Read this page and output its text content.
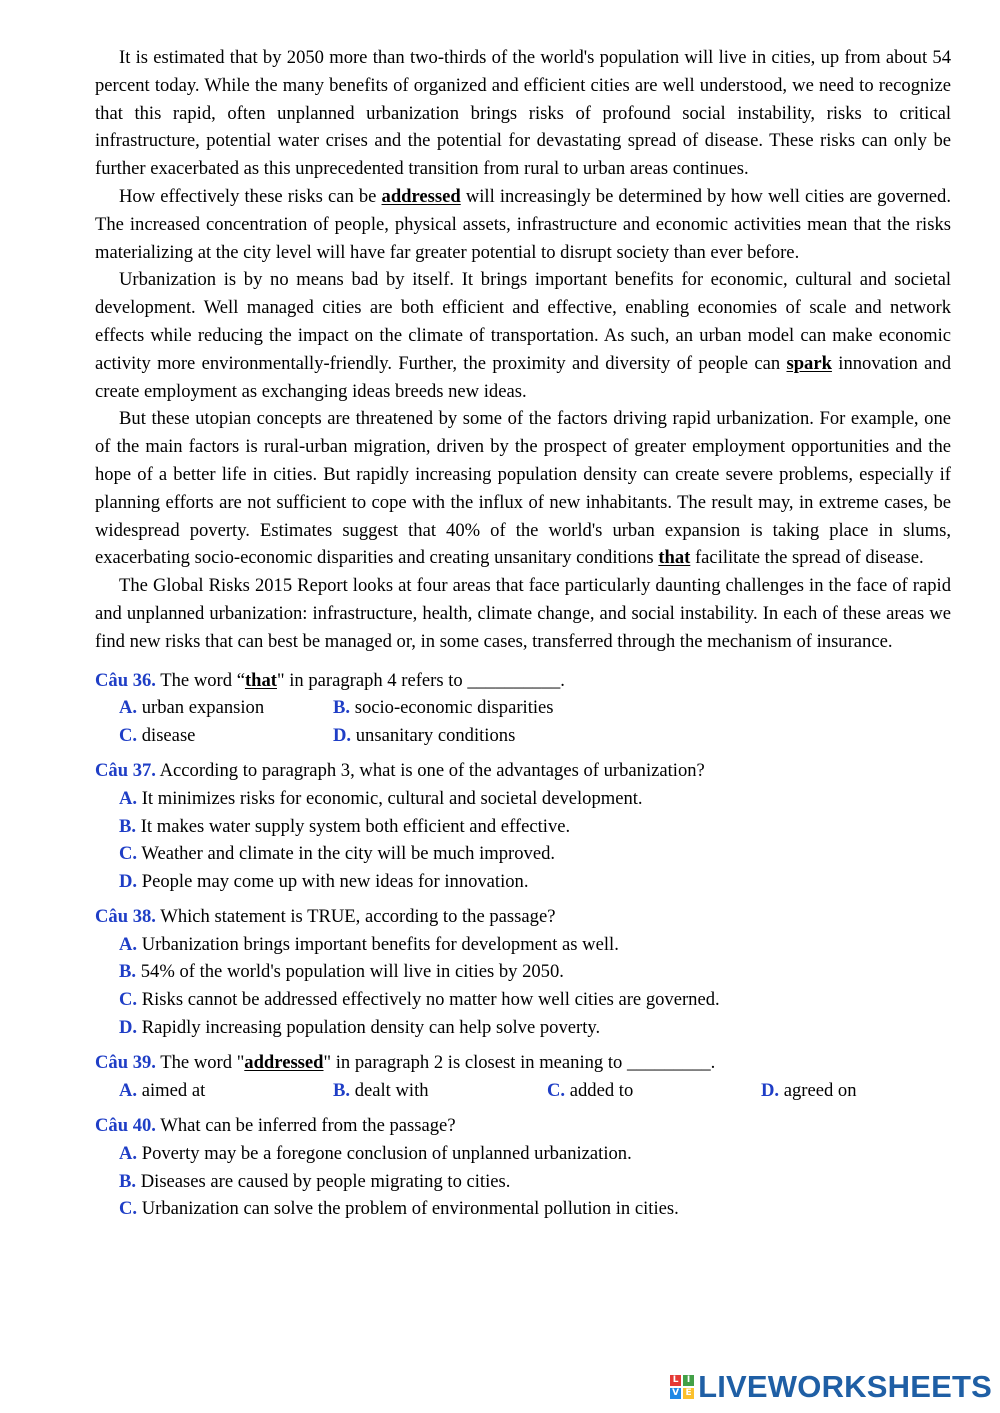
It is estimated that by 2050 more than two-thirds of the world's population will live in cities, up from about 54 percent today. While the many benefits of organized and efficient cities are well understood, we need to recognize that this rapid, often unplanned urbanization brings risks of profound social instability, risks to critical infrastructure, potential water crises and the potential for devastating spread of disease. These risks can only be further exacerbated as this unprecedented transition from rural to urban areas continues.

How effectively these risks can be addressed will increasingly be determined by how well cities are governed. The increased concentration of people, physical assets, infrastructure and economic activities mean that the risks materializing at the city level will have far greater potential to disrupt society than ever before.

Urbanization is by no means bad by itself. It brings important benefits for economic, cultural and societal development. Well managed cities are both efficient and effective, enabling economies of scale and network effects while reducing the impact on the climate of transportation. As such, an urban model can make economic activity more environmentally-friendly. Further, the proximity and diversity of people can spark innovation and create employment as exchanging ideas breeds new ideas.

But these utopian concepts are threatened by some of the factors driving rapid urbanization. For example, one of the main factors is rural-urban migration, driven by the prospect of greater employment opportunities and the hope of a better life in cities. But rapidly increasing population density can create severe problems, especially if planning efforts are not sufficient to cope with the influx of new inhabitants. The result may, in extreme cases, be widespread poverty. Estimates suggest that 40% of the world's urban expansion is taking place in slums, exacerbating socio-economic disparities and creating unsanitary conditions that facilitate the spread of disease.

The Global Risks 2015 Report looks at four areas that face particularly daunting challenges in the face of rapid and unplanned urbanization: infrastructure, health, climate change, and social instability. In each of these areas we find new risks that can best be managed or, in some cases, transferred through the mechanism of insurance.

Câu 36. The word “that" in paragraph 4 refers to __________.
A. urban expansion	B. socio-economic disparities
C. disease	D. unsanitary conditions
Câu 37. According to paragraph 3, what is one of the advantages of urbanization?
A. It minimizes risks for economic, cultural and societal development.
B. It makes water supply system both efficient and effective.
C. Weather and climate in the city will be much improved.
D. People may come up with new ideas for innovation.
Câu 38. Which statement is TRUE, according to the passage?
A. Urbanization brings important benefits for development as well.
B. 54% of the world's population will live in cities by 2050.
C. Risks cannot be addressed effectively no matter how well cities are governed.
D. Rapidly increasing population density can help solve poverty.
Câu 39. The word "addressed" in paragraph 2 is closest in meaning to _________.
A. aimed at	B. dealt with	C. added to	D. agreed on
Câu 40. What can be inferred from the passage?
A. Poverty may be a foregone conclusion of unplanned urbanization.
B. Diseases are caused by people migrating to cities.
C. Urbanization can solve the problem of environmental pollution in cities.
L I
V E LIVEWORKSHEETS
